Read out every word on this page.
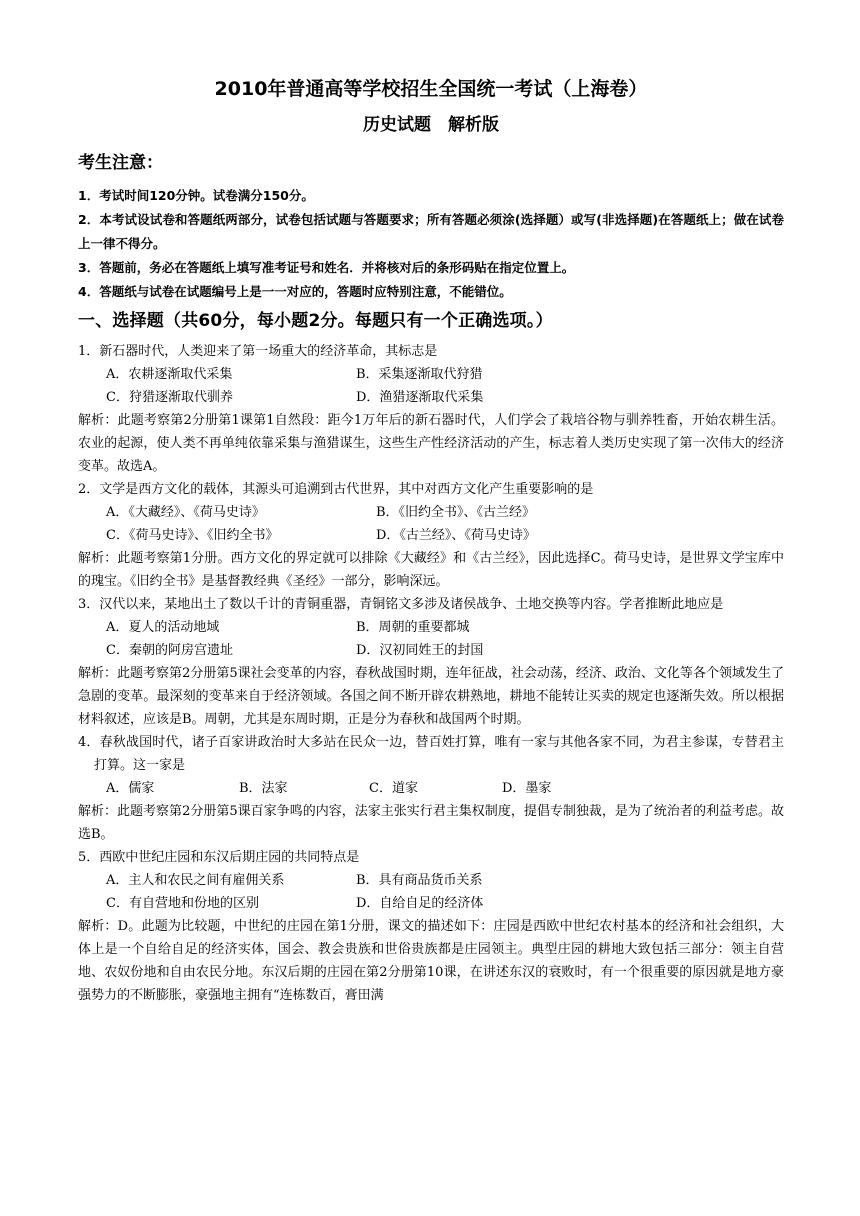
2010年普通高等学校招生全国统一考试（上海卷）
历史试题　解析版
考生注意：

1．考试时间120分钟。试卷满分150分。

2．本考试设试卷和答题纸两部分，试卷包括试题与答题要求；所有答题必须涂(选择题）或写(非选择题)在答题纸上；做在试卷上一律不得分。

3．答题前，务必在答题纸上填写准考证号和姓名．并将核对后的条形码贴在指定位置上。

4．答题纸与试卷在试题编号上是一一对应的，答题时应特别注意，不能错位。

一、选择题（共60分，每小题2分。每题只有一个正确选项。）
1．新石器时代，人类迎来了第一场重大的经济革命，其标志是
A．农耕逐渐取代采集	B．采集逐渐取代狩猎
C．狩猎逐渐取代驯养	D．渔猎逐渐取代采集

解析：此题考察第2分册第1课第1自然段：距今1万年后的新石器时代，人们学会了栽培谷物与驯养牲畜，开始农耕生活。农业的起源，使人类不再单纯依靠采集与渔猎谋生，这些生产性经济活动的产生，标志着人类历史实现了第一次伟大的经济变革。故选A。

2．文学是西方文化的载体，其源头可追溯到古代世界，其中对西方文化产生重要影响的是
A．《大藏经》、《荷马史诗》	B．《旧约全书》、《古兰经》
C．《荷马史诗》、《旧约全书》	D．《古兰经》、《荷马史诗》

解析：此题考察第1分册。西方文化的界定就可以排除《大藏经》和《古兰经》，因此选择C。荷马史诗，是世界文学宝库中的瑰宝。《旧约全书》是基督教经典《圣经》一部分，影响深远。

3．汉代以来，某地出土了数以千计的青铜重器，青铜铭文多涉及诸侯战争、土地交换等内容。学者推断此地应是
A．夏人的活动地域	B．周朝的重要都城
C．秦朝的阿房宫遗址	D．汉初同姓王的封国

解析：此题考察第2分册第5课社会变革的内容，春秋战国时期，连年征战，社会动荡，经济、政治、文化等各个领域发生了急剧的变革。最深刻的变革来自于经济领域。各国之间不断开辟农耕熟地，耕地不能转让买卖的规定也逐渐失效。所以根据材料叙述，应该是B。周朝，尤其是东周时期，正是分为春秋和战国两个时期。

4．春秋战国时代，诸子百家讲政治时大多站在民众一边，替百姓打算，唯有一家与其他各家不同，为君主参谋，专替君主打算。这一家是
A．儒家	B．法家	C．道家	D．墨家

解析：此题考察第2分册第5课百家争鸣的内容，法家主张实行君主集权制度，提倡专制独裁，是为了统治者的利益考虑。故选B。

5．西欧中世纪庄园和东汉后期庄园的共同特点是
A．主人和农民之间有雇佣关系	B．具有商品货币关系
C．有自营地和份地的区别	D．自给自足的经济体

解析：D。此题为比较题，中世纪的庄园在第1分册，课文的描述如下：庄园是西欧中世纪农村基本的经济和社会组织，大体上是一个自给自足的经济实体，国会、教会贵族和世俗贵族都是庄园领主。典型庄园的耕地大致包括三部分：领主自营地、农奴份地和自由农民分地。东汉后期的庄园在第2分册第10课，在讲述东汉的衰败时，有一个很重要的原因就是地方豪强势力的不断膨胀，豪强地主拥有“连栋数百，膏田满
